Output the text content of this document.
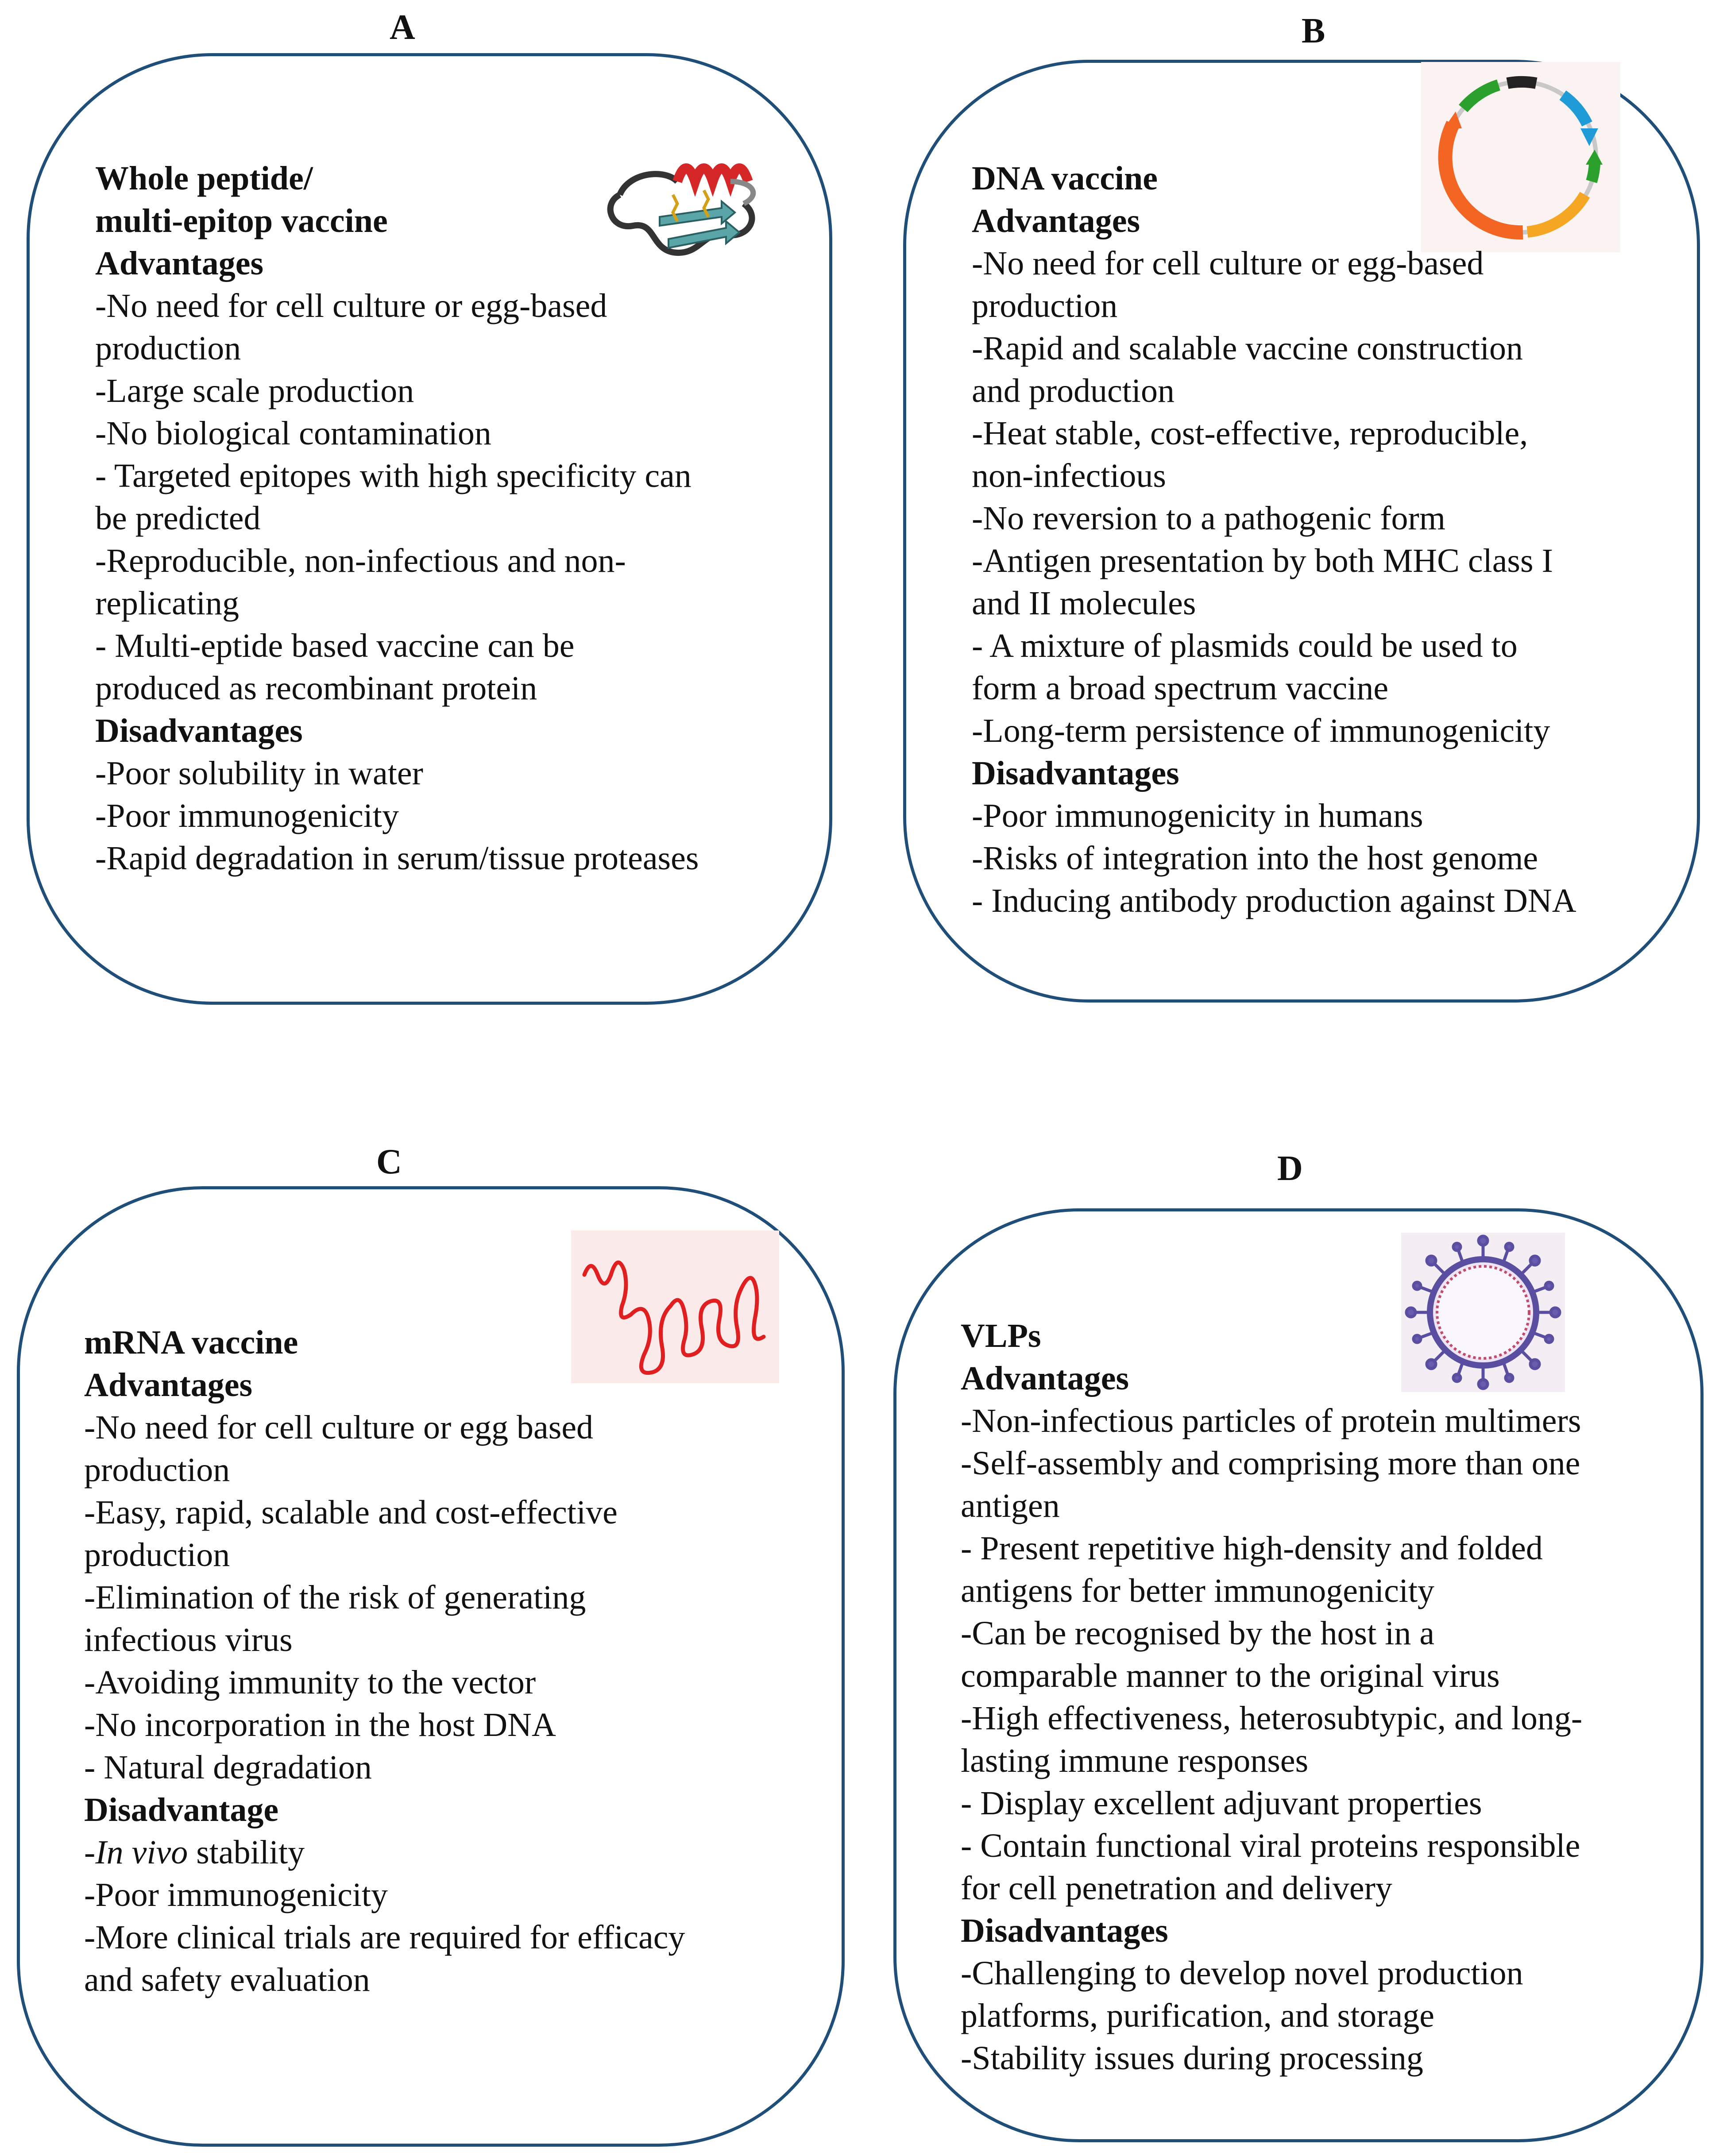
A
Whole peptide/
multi-epitop vaccine
Advantages
-No need for cell culture or egg-based
production
-Large scale production
-No biological contamination
- Targeted epitopes with high specificity can
be predicted
-Reproducible, non-infectious and non-
replicating
- Multi-eptide based vaccine can be
produced as recombinant protein
Disadvantages
-Poor solubility in water
-Poor immunogenicity
-Rapid degradation in serum/tissue proteases
B
DNA vaccine
Advantages
-No need for cell culture or egg-based
production
-Rapid and scalable vaccine construction
and production
-Heat stable, cost-effective, reproducible,
non-infectious
-No reversion to a pathogenic form
-Antigen presentation by both MHC class I
and II molecules
- A mixture of plasmids could be used to
form a broad spectrum vaccine
-Long-term persistence of immunogenicity
Disadvantages
-Poor immunogenicity in humans
-Risks of integration into the host genome
- Inducing antibody production against DNA
C
mRNA vaccine
Advantages
-No need for cell culture or egg based
production
-Easy, rapid, scalable and cost-effective
production
-Elimination of the risk of generating
infectious virus
-Avoiding immunity to the vector
-No incorporation in the host DNA
- Natural degradation
Disadvantage
-In vivo stability
-Poor immunogenicity
-More clinical trials are required for efficacy
and safety evaluation
D
VLPs
Advantages
-Non-infectious particles of protein multimers
-Self-assembly and comprising more than one
antigen
- Present repetitive high-density and folded
antigens for better immunogenicity
-Can be recognised by the host in a
comparable manner to the original virus
-High effectiveness, heterosubtypic, and long-
lasting immune responses
- Display excellent adjuvant properties
- Contain functional viral proteins responsible
for cell penetration and delivery
Disadvantages
-Challenging to develop novel production
platforms, purification, and storage
-Stability issues during processing
